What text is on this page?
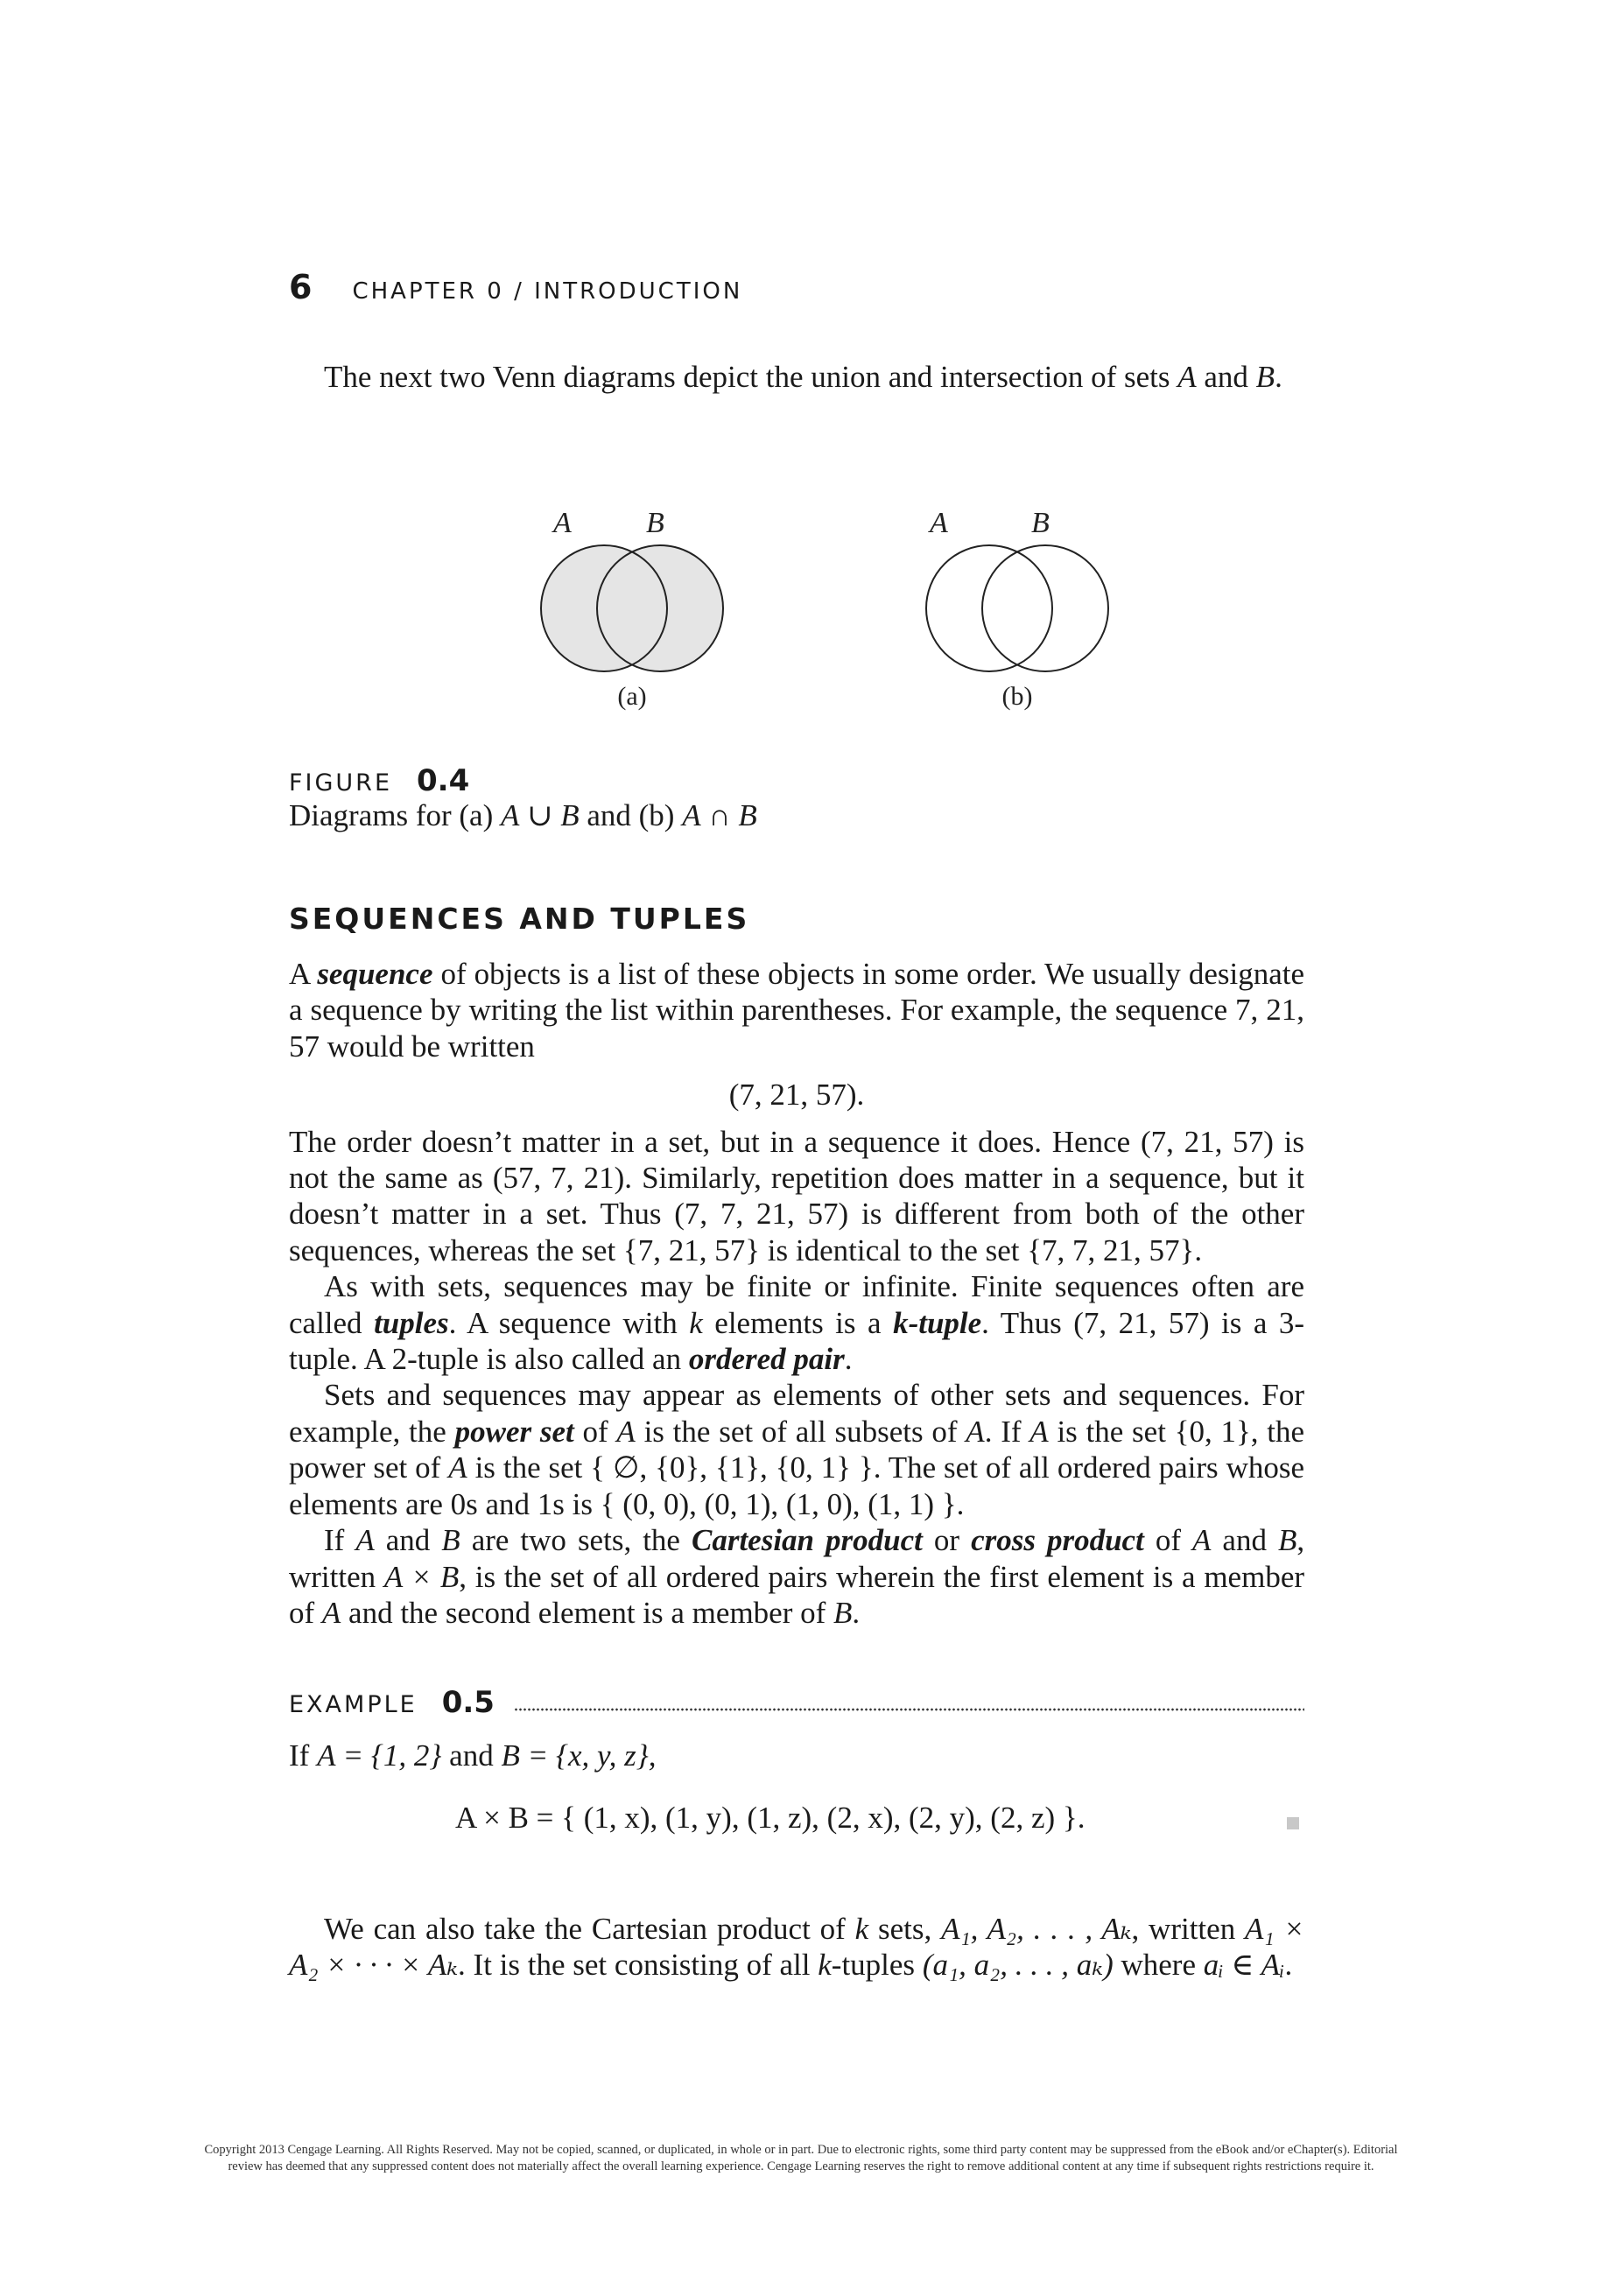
6 CHAPTER 0 / INTRODUCTION

The next two Venn diagrams depict the union and intersection of sets A and B.

A	B
(a)
A	B
(b)
FIGURE 0.4
Diagrams for (a) A ∪ B and (b) A ∩ B
SEQUENCES AND TUPLES

A sequence of objects is a list of these objects in some order. We usually designate a sequence by writing the list within parentheses. For example, the sequence 7, 21, 57 would be written

(7, 21, 57).

The order doesn’t matter in a set, but in a sequence it does. Hence (7, 21, 57) is not the same as (57, 7, 21). Similarly, repetition does matter in a sequence, but it doesn’t matter in a set. Thus (7, 7, 21, 57) is different from both of the other sequences, whereas the set {7, 21, 57} is identical to the set {7, 7, 21, 57}.

As with sets, sequences may be finite or infinite. Finite sequences often are called tuples. A sequence with k elements is a k-tuple. Thus (7, 21, 57) is a 3-tuple. A 2-tuple is also called an ordered pair.

Sets and sequences may appear as elements of other sets and sequences. For example, the power set of A is the set of all subsets of A. If A is the set {0, 1}, the power set of A is the set { ∅, {0}, {1}, {0, 1} }. The set of all ordered pairs whose elements are 0s and 1s is { (0, 0), (0, 1), (1, 0), (1, 1) }.

If A and B are two sets, the Cartesian product or cross product of A and B, written A × B, is the set of all ordered pairs wherein the first element is a member of A and the second element is a member of B.

EXAMPLE 0.5

If A = {1, 2} and B = {x, y, z},

A × B = { (1, x), (1, y), (1, z), (2, x), (2, y), (2, z) }.

We can also take the Cartesian product of k sets, A₁, A₂, . . . , Aₖ, written A₁ × A₂ × · · · × Aₖ. It is the set consisting of all k-tuples (a₁, a₂, . . . , aₖ) where aᵢ ∈ Aᵢ.

Copyright 2013 Cengage Learning. All Rights Reserved. May not be copied, scanned, or duplicated, in whole or in part. Due to electronic rights, some third party content may be suppressed from the eBook and/or eChapter(s). Editorial review has deemed that any suppressed content does not materially affect the overall learning experience. Cengage Learning reserves the right to remove additional content at any time if subsequent rights restrictions require it.
